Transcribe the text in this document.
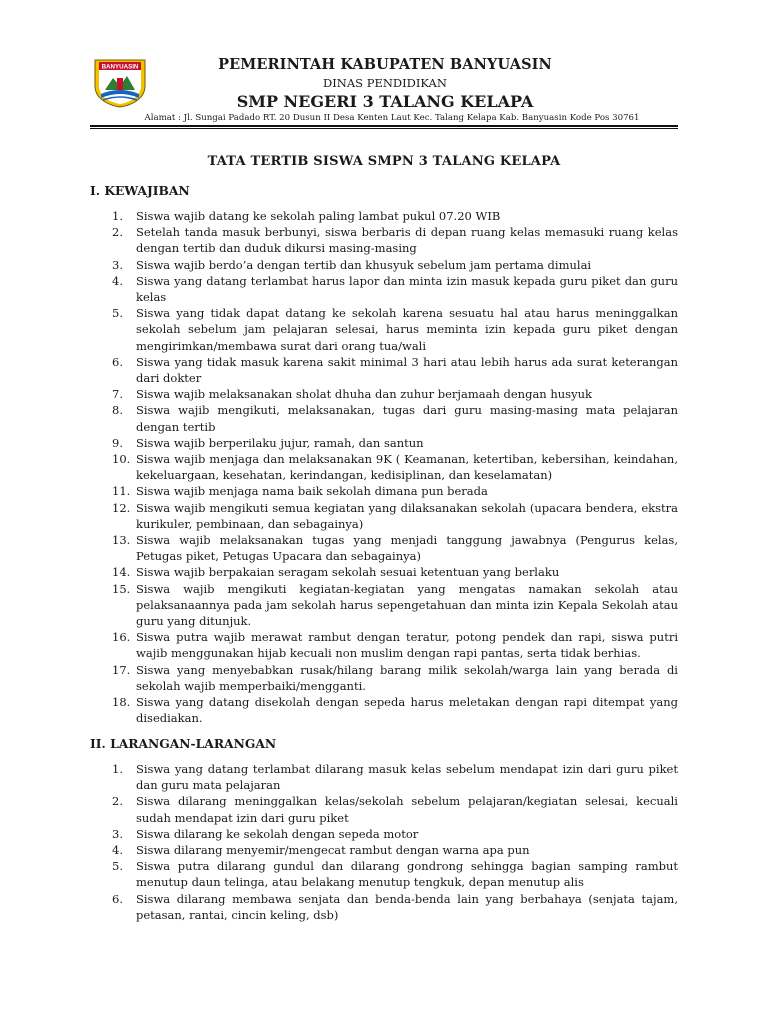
BANYUASIN	PEMERINTAH KABUPATEN BANYUASIN
DINAS PENDIDIKAN
SMP NEGERI 3 TALANG KELAPA
Alamat : Jl. Sungai Padado RT. 20 Dusun II Desa Kenten Laut Kec. Talang Kelapa Kab. Banyuasin Kode Pos 30761
TATA TERTIB SISWA SMPN 3 TALANG KELAPA
I. KEWAJIBAN
1. Siswa wajib datang ke sekolah paling lambat pukul 07.20 WIB
2. Setelah tanda masuk berbunyi, siswa berbaris di depan ruang kelas memasuki ruang kelas dengan tertib dan duduk dikursi masing-masing
3. Siswa wajib berdo’a dengan tertib dan khusyuk sebelum jam pertama dimulai
4. Siswa yang datang terlambat harus lapor dan minta izin masuk kepada guru piket dan guru kelas
5. Siswa yang tidak dapat datang ke sekolah karena sesuatu hal atau harus meninggalkan sekolah sebelum jam pelajaran selesai, harus meminta izin kepada guru piket dengan mengirimkan/membawa surat dari orang tua/wali
6. Siswa yang tidak masuk karena sakit minimal 3 hari atau lebih harus ada surat keterangan dari dokter
7. Siswa wajib melaksanakan sholat dhuha dan zuhur berjamaah dengan husyuk
8. Siswa wajib mengikuti, melaksanakan, tugas dari guru masing-masing mata pelajaran dengan tertib
9. Siswa wajib berperilaku jujur, ramah, dan santun
10. Siswa wajib menjaga dan melaksanakan 9K ( Keamanan, ketertiban, kebersihan, keindahan, kekeluargaan, kesehatan, kerindangan, kedisiplinan, dan keselamatan)
11. Siswa wajib menjaga nama baik sekolah dimana pun berada
12. Siswa wajib mengikuti semua kegiatan yang dilaksanakan sekolah (upacara bendera, ekstra kurikuler, pembinaan, dan sebagainya)
13. Siswa wajib melaksanakan tugas yang menjadi tanggung jawabnya (Pengurus kelas, Petugas piket, Petugas Upacara dan sebagainya)
14. Siswa wajib berpakaian seragam sekolah sesuai ketentuan yang berlaku
15. Siswa wajib mengikuti kegiatan-kegiatan yang mengatas namakan sekolah atau pelaksanaannya pada jam sekolah harus sepengetahuan dan minta izin Kepala Sekolah atau guru yang ditunjuk.
16. Siswa putra wajib merawat rambut dengan teratur, potong pendek dan rapi, siswa putri wajib menggunakan hijab kecuali non muslim dengan rapi pantas, serta tidak berhias.
17. Siswa yang menyebabkan rusak/hilang barang milik sekolah/warga lain yang berada di sekolah wajib memperbaiki/mengganti.
18. Siswa yang datang disekolah dengan sepeda harus meletakan dengan rapi ditempat yang disediakan.
II. LARANGAN-LARANGAN
1. Siswa yang datang terlambat dilarang masuk kelas sebelum mendapat izin dari guru piket dan guru mata pelajaran
2. Siswa dilarang meninggalkan kelas/sekolah sebelum pelajaran/kegiatan selesai, kecuali sudah mendapat izin dari guru piket
3. Siswa dilarang ke sekolah dengan sepeda motor
4. Siswa dilarang menyemir/mengecat rambut dengan warna apa pun
5. Siswa putra dilarang gundul dan dilarang gondrong sehingga bagian samping rambut menutup daun telinga, atau belakang menutup tengkuk, depan menutup alis
6. Siswa dilarang membawa senjata dan benda-benda lain yang berbahaya (senjata tajam, petasan, rantai, cincin keling, dsb)
